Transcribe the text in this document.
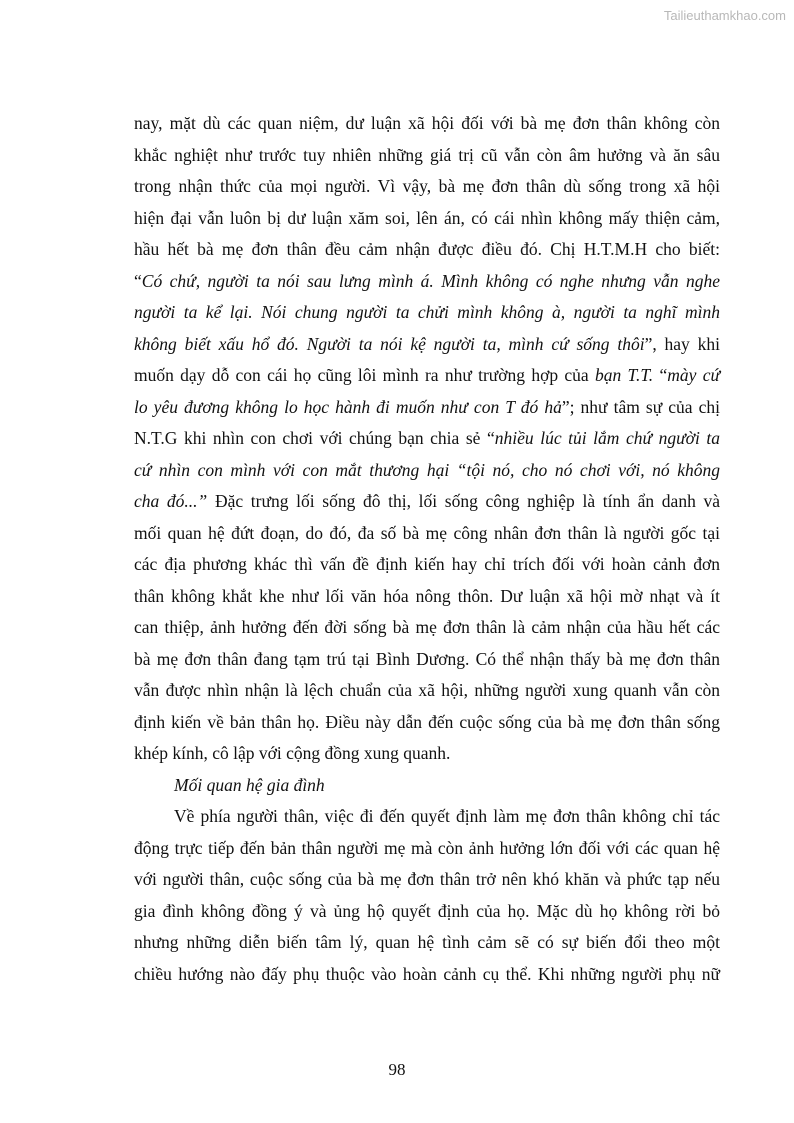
Tailieuthamkhao.com
nay, mặt dù các quan niệm, dư luận xã hội đối với bà mẹ đơn thân không còn
khắc nghiệt như trước tuy nhiên những giá trị cũ vẫn còn âm hưởng và ăn sâu
trong nhận thức của mọi người. Vì vậy, bà mẹ đơn thân dù sống trong xã hội
hiện đại vẫn luôn bị dư luận xăm soi, lên án, có cái nhìn không mấy thiện cảm,
hầu hết bà mẹ đơn thân đều cảm nhận được điều đó. Chị H.T.M.H cho biết:
“Có chứ, người ta nói sau lưng mình á. Mình không có nghe nhưng vẫn nghe
người ta kể lại. Nói chung người ta chửi mình không à, người ta nghĩ mình
không biết xấu hổ đó. Người ta nói kệ người ta, mình cứ sống thôi”, hay khi
muốn dạy dỗ con cái họ cũng lôi mình ra như trường hợp của bạn T.T. “mày cứ
lo yêu đương không lo học hành đi muốn như con T đó hả”; như tâm sự của chị
N.T.G khi nhìn con chơi với chúng bạn chia sẻ “nhiều lúc tủi lắm chứ người ta
cứ nhìn con mình với con mắt thương hại “tội nó, cho nó chơi với, nó không
cha đó...” Đặc trưng lối sống đô thị, lối sống công nghiệp là tính ẩn danh và
mối quan hệ đứt đoạn, do đó, đa số bà mẹ công nhân đơn thân là người gốc tại
các địa phương khác thì vấn đề định kiến hay chỉ trích đối với hoàn cảnh đơn
thân không khắt khe như lối văn hóa nông thôn. Dư luận xã hội mờ nhạt và ít
can thiệp, ảnh hưởng đến đời sống bà mẹ đơn thân là cảm nhận của hầu hết các
bà mẹ đơn thân đang tạm trú tại Bình Dương. Có thể nhận thấy bà mẹ đơn thân
vẫn được nhìn nhận là lệch chuẩn của xã hội, những người xung quanh vẫn còn
định kiến về bản thân họ. Điều này dẫn đến cuộc sống của bà mẹ đơn thân sống
khép kính, cô lập với cộng đồng xung quanh.
Mối quan hệ gia đình
Về phía người thân, việc đi đến quyết định làm mẹ đơn thân không chỉ tác
động trực tiếp đến bản thân người mẹ mà còn ảnh hưởng lớn đối với các quan hệ
với người thân, cuộc sống của bà mẹ đơn thân trở nên khó khăn và phức tạp nếu
gia đình không đồng ý và ủng hộ quyết định của họ. Mặc dù họ không rời bỏ
nhưng những diễn biến tâm lý, quan hệ tình cảm sẽ có sự biến đổi theo một
chiều hướng nào đấy phụ thuộc vào hoàn cảnh cụ thể. Khi những người phụ nữ
98
